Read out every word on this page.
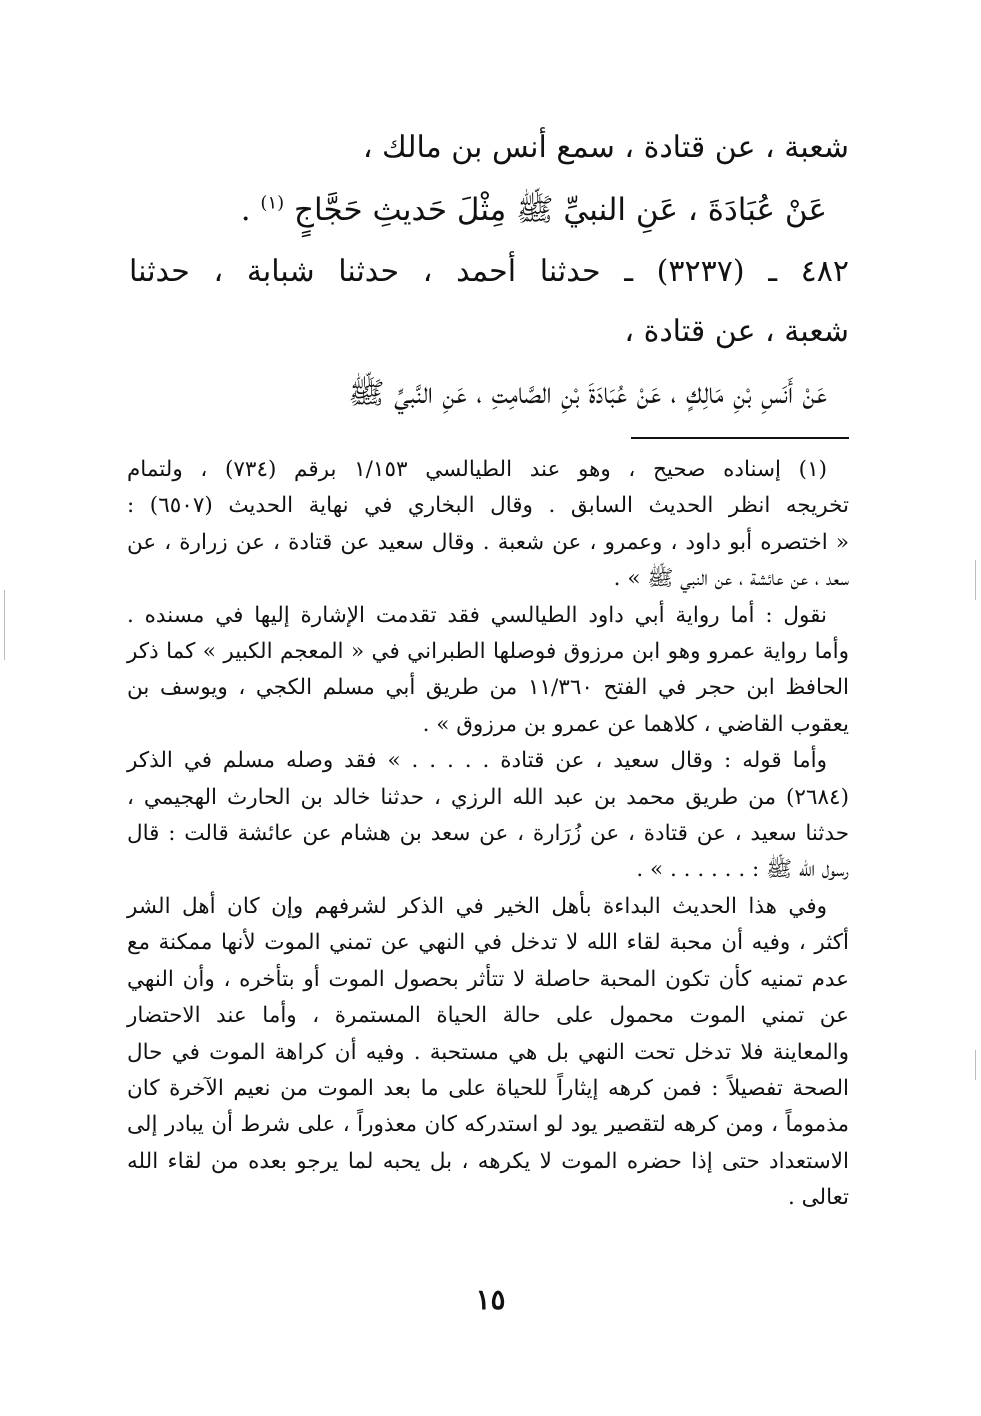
شعبة ، عن قتادة ، سمع أنس بن مالك ،

عَنْ عُبَادَةَ ، عَنِ النبيِّ ﷺ مِثْلَ حَديثِ حَجَّاجٍ $^{(١)}$ .

٤٨٢ ـ (٣٢٣٧) ـ حدثنا أحمد ، حدثنا شبابة ، حدثنا

شعبة ، عن قتادة ،

عَنْ أَنَسِ بْنِ مَالِكٍ ، عَنْ عُبَادَةَ بْنِ الصَّامِتِ ، عَنِ النَّبيِّ ﷺ

(١) إسناده صحيح ، وهو عند الطيالسي ١/١٥٣ برقم (٧٣٤) ، ولتمام
تخريجه انظر الحديث السابق . وقال البخاري في نهاية الحديث (٦٥٠٧) :
« اختصره أبو داود ، وعمرو ، عن شعبة . وقال سعيد عن قتادة ، عن زرارة ، عن
سعد ، عن عائشة ، عن النبي ﷺ » .
نقول : أما رواية أبي داود الطيالسي فقد تقدمت الإشارة إليها في مسنده .
وأما رواية عمرو وهو ابن مرزوق فوصلها الطبراني في « المعجم الكبير » كما ذكر
الحافظ ابن حجر في الفتح ١١/٣٦٠ من طريق أبي مسلم الكجي ، ويوسف بن
يعقوب القاضي ، كلاهما عن عمرو بن مرزوق » .
وأما قوله : وقال سعيد ، عن قتادة . . . . . » فقد وصله مسلم في الذكر
(٢٦٨٤) من طريق محمد بن عبد الله الرزي ، حدثنا خالد بن الحارث الهجيمي ،
حدثنا سعيد ، عن قتادة ، عن زُرَارة ، عن سعد بن هشام عن عائشة قالت : قال
رسول الله ﷺ : . . . . . . » .
وفي هذا الحديث البداءة بأهل الخير في الذكر لشرفهم وإن كان أهل الشر
أكثر ، وفيه أن محبة لقاء الله لا تدخل في النهي عن تمني الموت لأنها ممكنة مع
عدم تمنيه كأن تكون المحبة حاصلة لا تتأثر بحصول الموت أو بتأخره ، وأن النهي
عن تمني الموت محمول على حالة الحياة المستمرة ، وأما عند الاحتضار
والمعاينة فلا تدخل تحت النهي بل هي مستحبة . وفيه أن كراهة الموت في حال
الصحة تفصيلاً : فمن كرهه إيثاراً للحياة على ما بعد الموت من نعيم الآخرة كان
مذموماً ، ومن كرهه لتقصير يود لو استدركه كان معذوراً ، على شرط أن يبادر إلى
الاستعداد حتى إذا حضره الموت لا يكرهه ، بل يحبه لما يرجو بعده من لقاء الله
تعالى .
١٥
